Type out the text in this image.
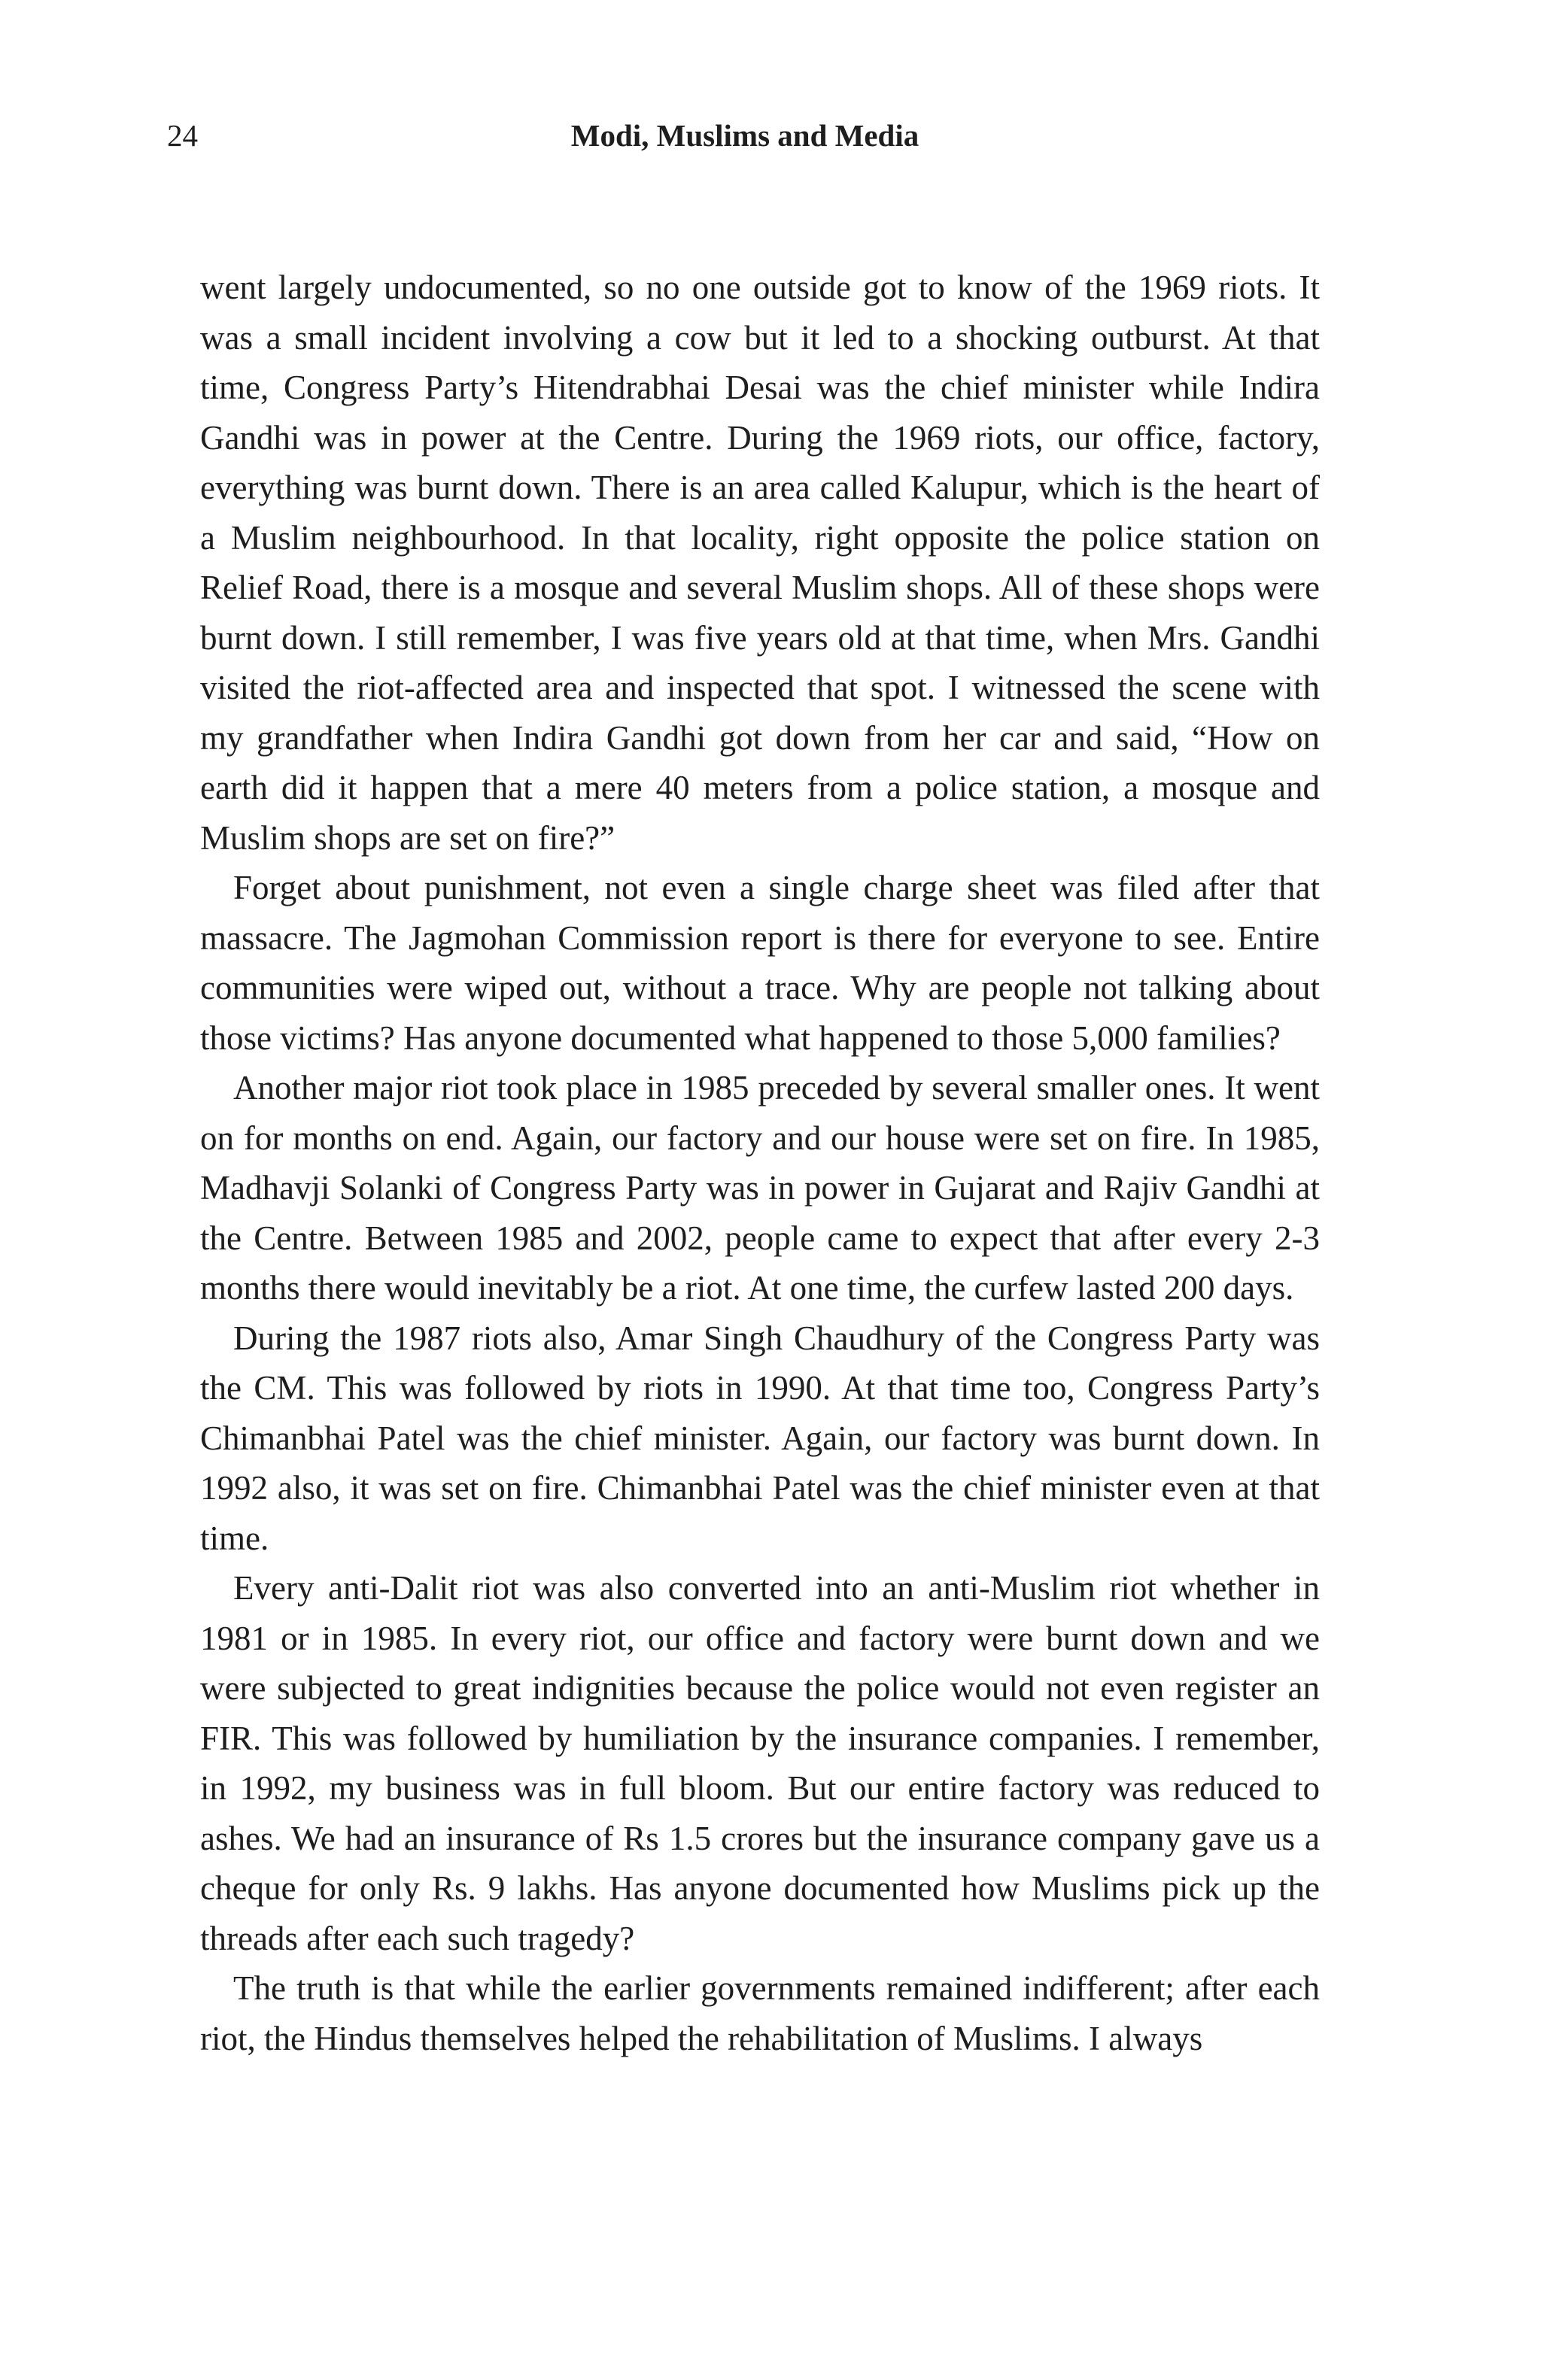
24	Modi, Muslims and Media

went largely undocumented, so no one outside got to know of the 1969 riots. It was a small incident involving a cow but it led to a shocking outburst. At that time, Congress Party’s Hitendrabhai Desai was the chief minister while Indira Gandhi was in power at the Centre. During the 1969 riots, our office, factory, everything was burnt down. There is an area called Kalupur, which is the heart of a Muslim neighbourhood. In that locality, right opposite the police station on Relief Road, there is a mosque and several Muslim shops. All of these shops were burnt down. I still remember, I was five years old at that time, when Mrs. Gandhi visited the riot-affected area and inspected that spot. I witnessed the scene with my grandfather when Indira Gandhi got down from her car and said, “How on earth did it happen that a mere 40 meters from a police station, a mosque and Muslim shops are set on fire?”

Forget about punishment, not even a single charge sheet was filed after that massacre. The Jagmohan Commission report is there for everyone to see. Entire communities were wiped out, without a trace. Why are people not talking about those victims? Has anyone documented what happened to those 5,000 families?

Another major riot took place in 1985 preceded by several smaller ones. It went on for months on end. Again, our factory and our house were set on fire. In 1985, Madhavji Solanki of Congress Party was in power in Gujarat and Rajiv Gandhi at the Centre. Between 1985 and 2002, people came to expect that after every 2-3 months there would inevitably be a riot. At one time, the curfew lasted 200 days.

During the 1987 riots also, Amar Singh Chaudhury of the Congress Party was the CM. This was followed by riots in 1990. At that time too, Congress Party’s Chimanbhai Patel was the chief minister. Again, our factory was burnt down. In 1992 also, it was set on fire. Chimanbhai Patel was the chief minister even at that time.

Every anti-Dalit riot was also converted into an anti-Muslim riot whether in 1981 or in 1985. In every riot, our office and factory were burnt down and we were subjected to great indignities because the police would not even register an FIR. This was followed by humiliation by the insurance companies. I remember, in 1992, my business was in full bloom. But our entire factory was reduced to ashes. We had an insurance of Rs 1.5 crores but the insurance company gave us a cheque for only Rs. 9 lakhs. Has anyone documented how Muslims pick up the threads after each such tragedy?

The truth is that while the earlier governments remained indifferent; after each riot, the Hindus themselves helped the rehabilitation of Muslims. I always
